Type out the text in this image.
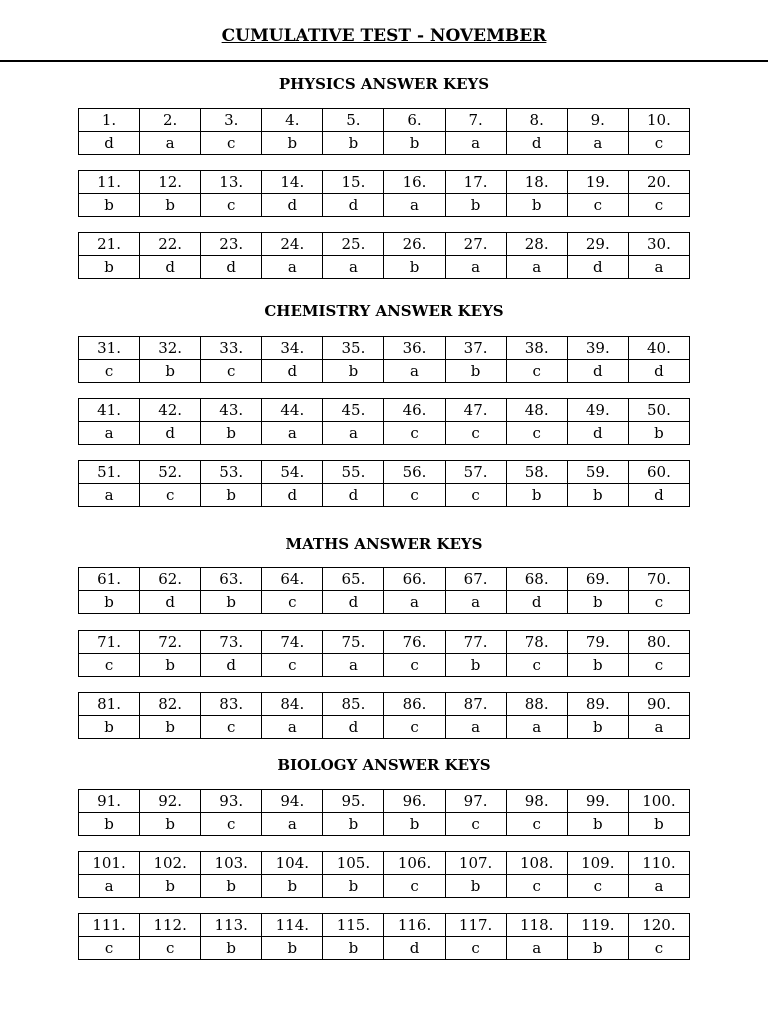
CUMULATIVE TEST - NOVEMBER
PHYSICS ANSWER KEYS
1.	2.	3.	4.	5.	6.	7.	8.	9.	10.
d	a	c	b	b	b	a	d	a	c
11.	12.	13.	14.	15.	16.	17.	18.	19.	20.
b	b	c	d	d	a	b	b	c	c
21.	22.	23.	24.	25.	26.	27.	28.	29.	30.
b	d	d	a	a	b	a	a	d	a
CHEMISTRY ANSWER KEYS
31.	32.	33.	34.	35.	36.	37.	38.	39.	40.
c	b	c	d	b	a	b	c	d	d
41.	42.	43.	44.	45.	46.	47.	48.	49.	50.
a	d	b	a	a	c	c	c	d	b
51.	52.	53.	54.	55.	56.	57.	58.	59.	60.
a	c	b	d	d	c	c	b	b	d
MATHS ANSWER KEYS
61.	62.	63.	64.	65.	66.	67.	68.	69.	70.
b	d	b	c	d	a	a	d	b	c
71.	72.	73.	74.	75.	76.	77.	78.	79.	80.
c	b	d	c	a	c	b	c	b	c
81.	82.	83.	84.	85.	86.	87.	88.	89.	90.
b	b	c	a	d	c	a	a	b	a
BIOLOGY ANSWER KEYS
91.	92.	93.	94.	95.	96.	97.	98.	99.	100.
b	b	c	a	b	b	c	c	b	b
101.	102.	103.	104.	105.	106.	107.	108.	109.	110.
a	b	b	b	b	c	b	c	c	a
111.	112.	113.	114.	115.	116.	117.	118.	119.	120.
c	c	b	b	b	d	c	a	b	c
